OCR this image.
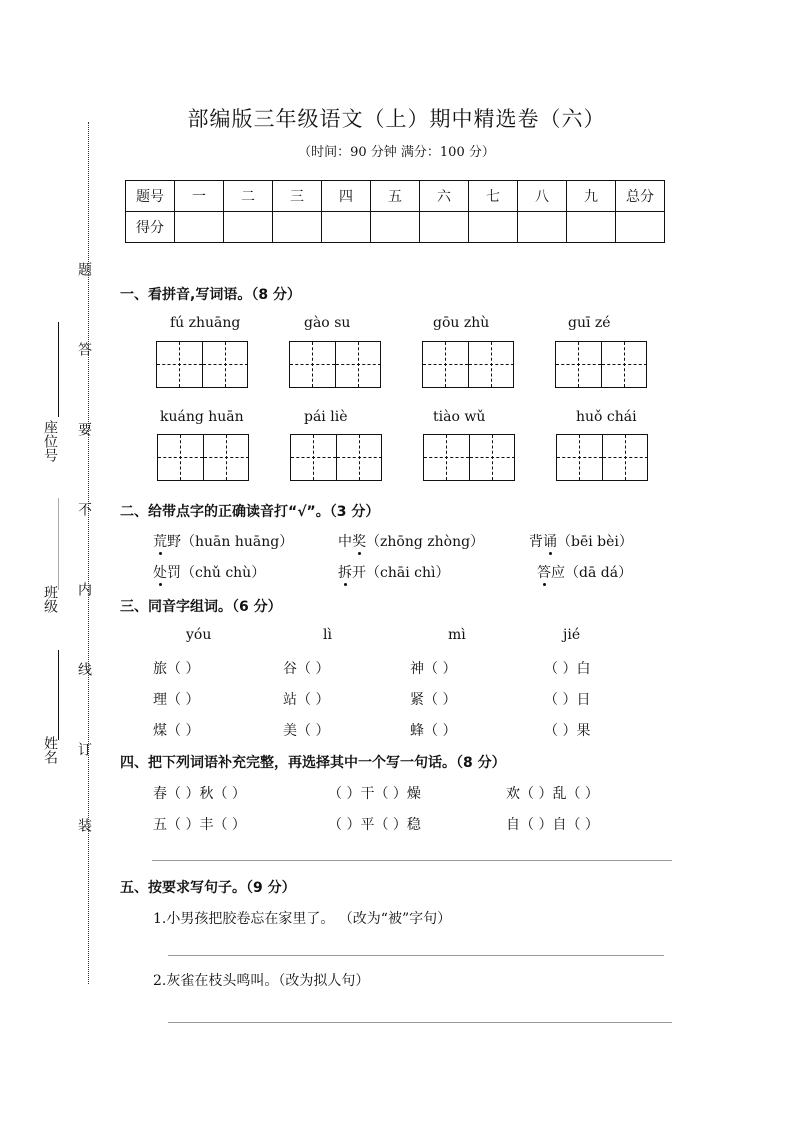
题
答
要
不
内
线
订
装
座位号
班级
姓名
部编版三年级语文（上）期中精选卷（六）
（时间：90 分钟 满分：100 分）
题号	一	二	三	四	五	六	七	八	九	总分
得分										
一、看拼音,写词语。（8 分）
fú zhuāng	gào su	gōu zhù	guī zé
kuáng huān	pái liè	tiào wǔ	huǒ chái
二、给带点字的正确读音打“√”。（3 分）
荒野（huān huāng）	中奖（zhōng zhòng）	背诵（bēi bèi）
处罚（chǔ chù）	拆开（chāi chì）	答应（dā dá）
三、同音字组词。（6 分）
yóu	lì	mì	jié
旅（ ）	谷（ ）	神（ ）	（ ）白
理（ ）	站（ ）	紧（ ）	（ ）日
煤（ ）	美（ ）	蜂（ ）	（ ）果
四、把下列词语补充完整，再选择其中一个写一句话。（8 分）
春（ ）秋（ ）	（ ）干（ ）燥	欢（ ）乱（ ）
五（ ）丰（ ）	（ ）平（ ）稳	自（ ）自（ ）
五、按要求写句子。（9 分）
1.小男孩把胶卷忘在家里了。 （改为“被”字句）
2.灰雀在枝头鸣叫。（改为拟人句）
